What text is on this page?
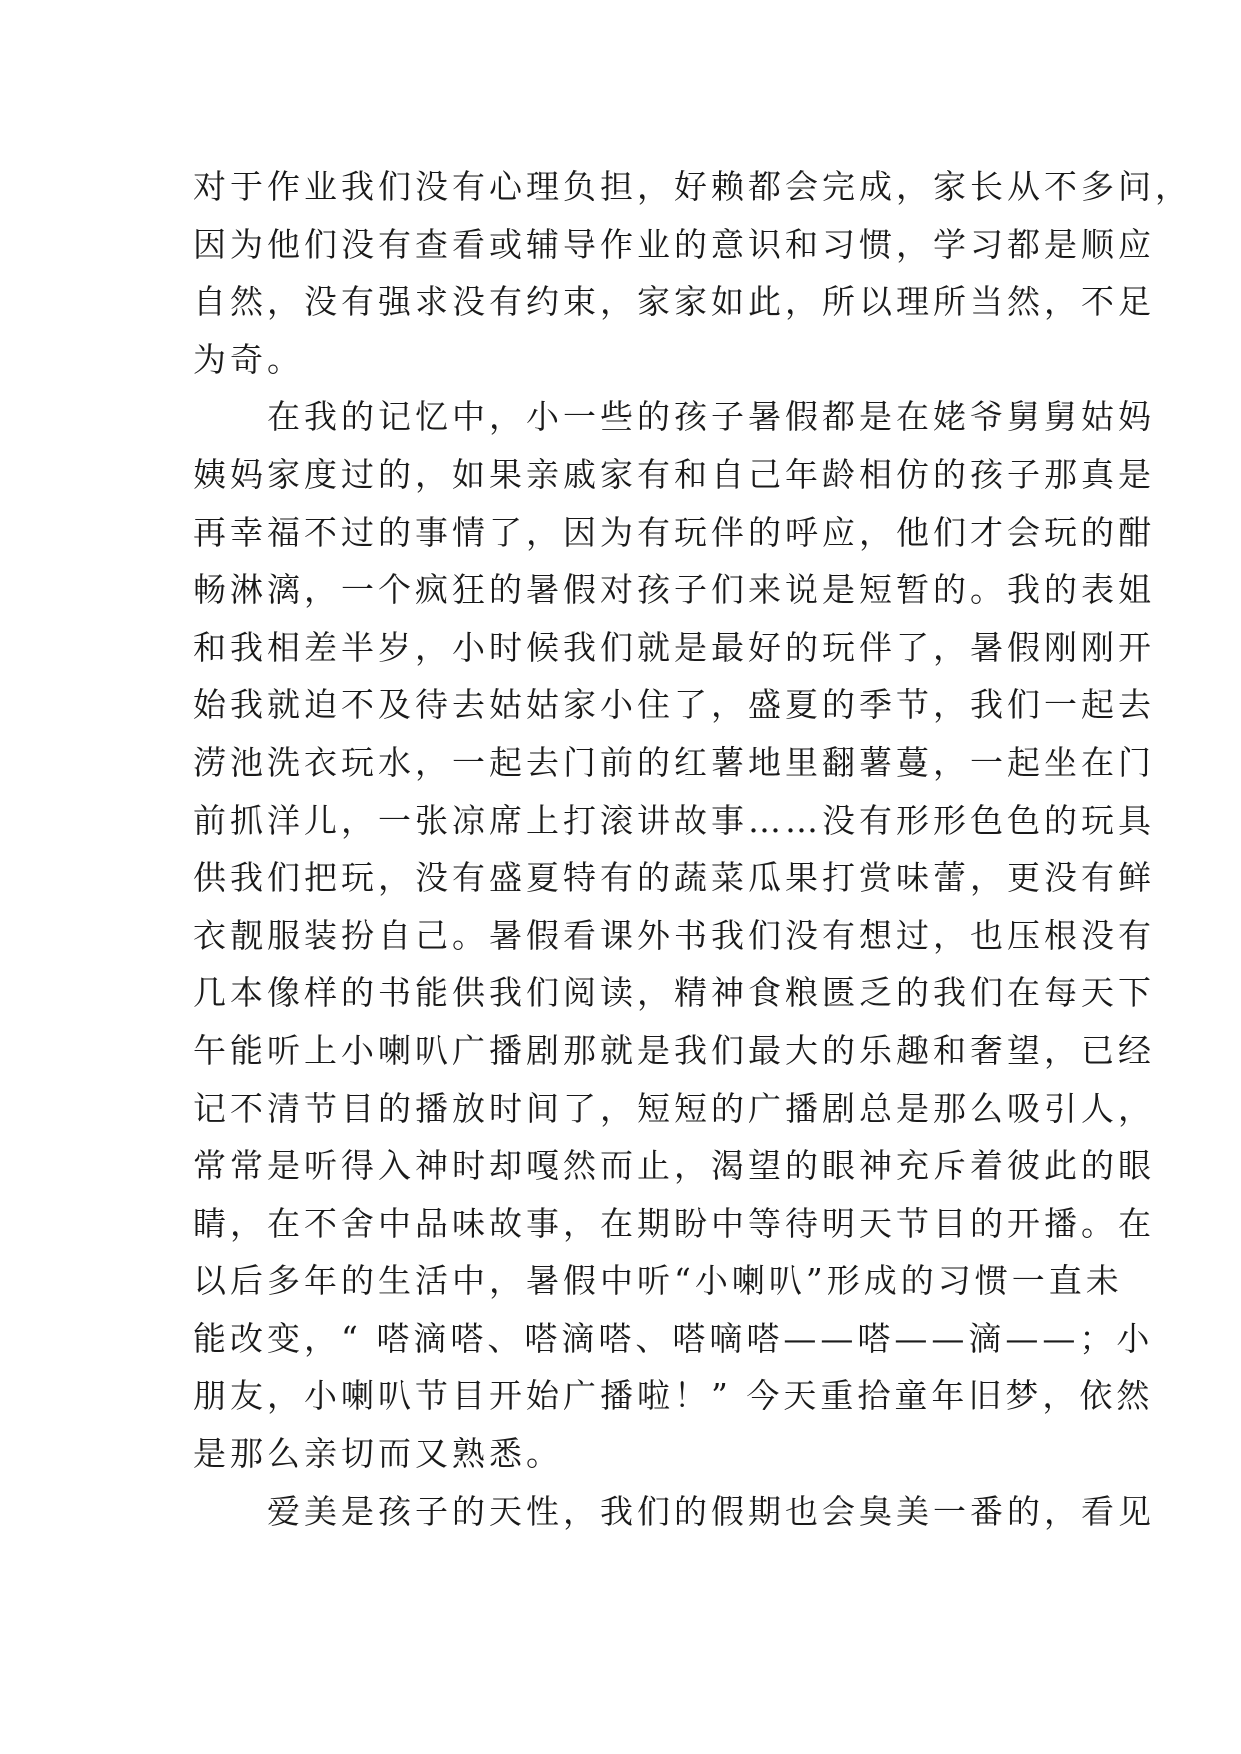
对于作业我们没有心理负担，好赖都会完成，家长从不多问，
因为他们没有查看或辅导作业的意识和习惯，学习都是顺应
自然，没有强求没有约束，家家如此，所以理所当然，不足
为奇。
　　在我的记忆中，小一些的孩子暑假都是在姥爷舅舅姑妈
姨妈家度过的，如果亲戚家有和自己年龄相仿的孩子那真是
再幸福不过的事情了，因为有玩伴的呼应，他们才会玩的酣
畅淋漓，一个疯狂的暑假对孩子们来说是短暂的。我的表姐
和我相差半岁，小时候我们就是最好的玩伴了，暑假刚刚开
始我就迫不及待去姑姑家小住了，盛夏的季节，我们一起去
涝池洗衣玩水，一起去门前的红薯地里翻薯蔓，一起坐在门
前抓洋儿，一张凉席上打滚讲故事……没有形形色色的玩具
供我们把玩，没有盛夏特有的蔬菜瓜果打赏味蕾，更没有鲜
衣靓服装扮自己。暑假看课外书我们没有想过，也压根没有
几本像样的书能供我们阅读，精神食粮匮乏的我们在每天下
午能听上小喇叭广播剧那就是我们最大的乐趣和奢望，已经
记不清节目的播放时间了，短短的广播剧总是那么吸引人，
常常是听得入神时却嘎然而止，渴望的眼神充斥着彼此的眼
睛，在不舍中品味故事，在期盼中等待明天节目的开播。在
以后多年的生活中，暑假中听“小喇叭”形成的习惯一直未
能改变，“ 嗒滴嗒、嗒滴嗒、嗒嘀嗒——嗒——滴——；小
朋友，小喇叭节目开始广播啦！” 今天重拾童年旧梦，依然
是那么亲切而又熟悉。
　　爱美是孩子的天性，我们的假期也会臭美一番的，看见
